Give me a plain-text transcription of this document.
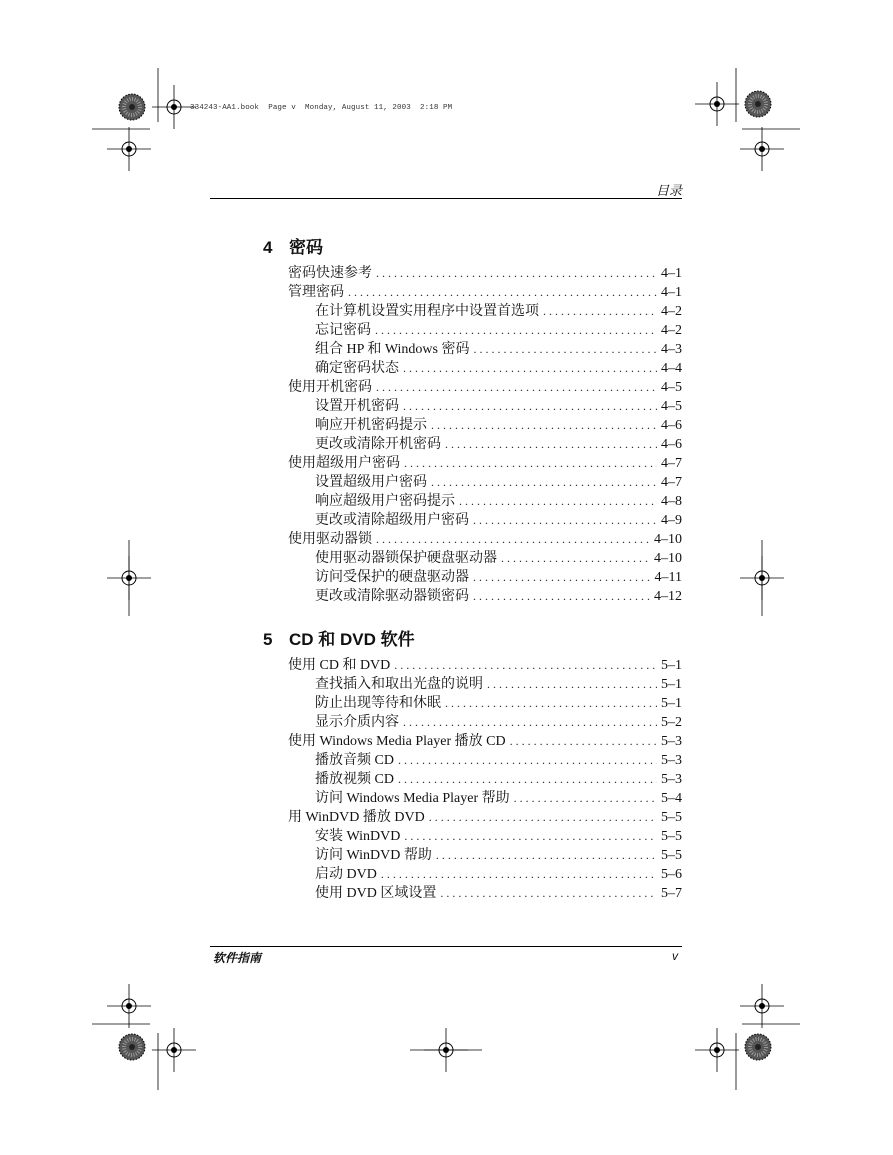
334243-AA1.book  Page v  Monday, August 11, 2003  2:18 PM
目录
4 密码
密码快速参考 . . .	4–1
管理密码 . . .	4–1
在计算机设置实用程序中设置首选项 . . .	4–2
忘记密码 . . .	4–2
组合 HP 和 Windows 密码 . . .	4–3
确定密码状态 . . .	4–4
使用开机密码 . . .	4–5
设置开机密码 . . .	4–5
响应开机密码提示 . . .	4–6
更改或清除开机密码 . . .	4–6
使用超级用户密码 . . .	4–7
设置超级用户密码 . . .	4–7
响应超级用户密码提示 . . .	4–8
更改或清除超级用户密码 . . .	4–9
使用驱动器锁 . . .	4–10
使用驱动器锁保护硬盘驱动器 . . .	4–10
访问受保护的硬盘驱动器 . . .	4–11
更改或清除驱动器锁密码 . . .	4–12
5 CD 和 DVD 软件
使用 CD 和 DVD . . .	5–1
查找插入和取出光盘的说明 . . .	5–1
防止出现等待和休眠 . . .	5–1
显示介质内容 . . .	5–2
使用 Windows Media Player 播放 CD . . .	5–3
播放音频 CD . . .	5–3
播放视频 CD . . .	5–3
访问 Windows Media Player 帮助 . . .	5–4
用 WinDVD 播放 DVD . . .	5–5
安装 WinDVD . . .	5–5
访问 WinDVD 帮助 . . .	5–5
启动 DVD . . .	5–6
使用 DVD 区域设置 . . .	5–7
软件指南	v
